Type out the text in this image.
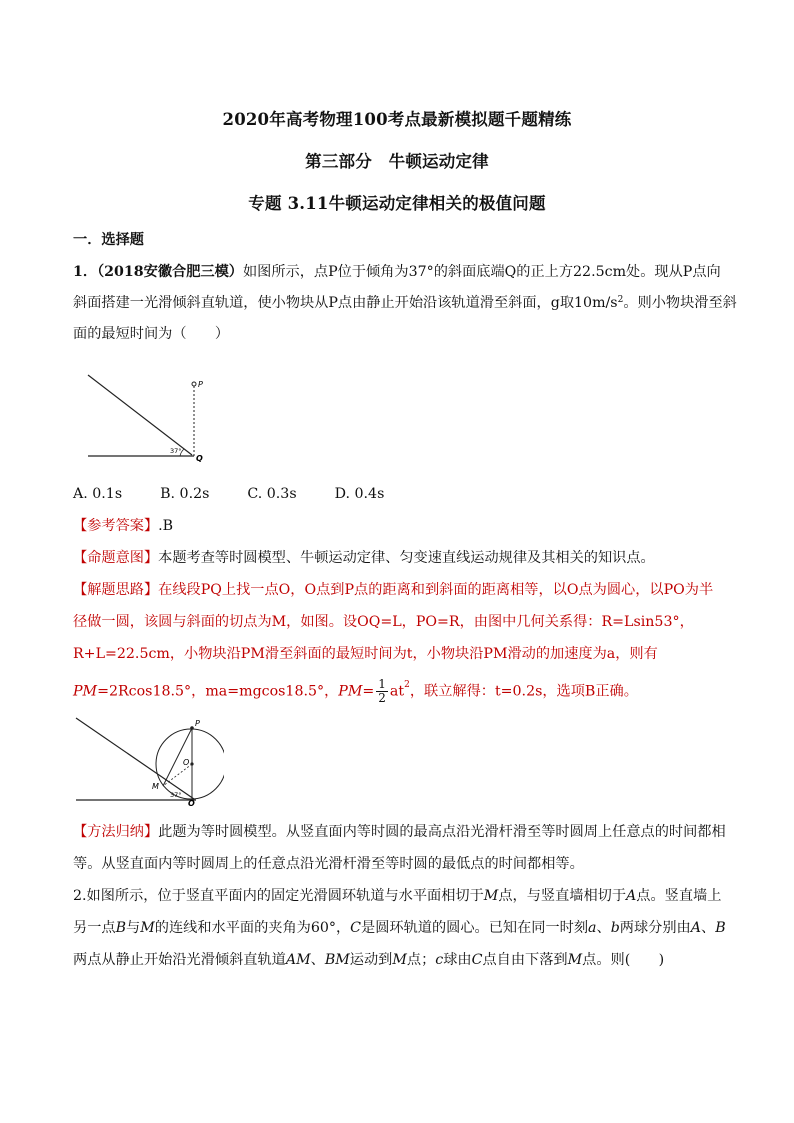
2020年高考物理100考点最新模拟题千题精练
第三部分　牛顿运动定律
专题 3.11牛顿运动定律相关的极值问题
一．选择题
1．（2018安徽合肥三模）如图所示，点P位于倾角为37°的斜面底端Q的正上方22.5cm处。现从P点向
斜面搭建一光滑倾斜直轨道，使小物块从P点由静止开始沿该轨道滑至斜面，g取$10m/s^2$。则小物块滑至斜
面的最短时间为（　　）
P
Q
37°
A. 0.1s	B. 0.2s	C. 0.3s	D. 0.4s
【参考答案】.B
【命题意图】本题考查等时圆模型、牛顿运动定律、匀变速直线运动规律及其相关的知识点。
【解题思路】在线段PQ上找一点O，O点到P点的距离和到斜面的距离相等，以O点为圆心，以PO为半
径做一圆，该圆与斜面的切点为M，如图。设OQ=L，PO=R，由图中几何关系得：R=Lsin53°，
R+L=22.5cm，小物块沿PM滑至斜面的最短时间为t，小物块沿PM滑动的加速度为a，则有
PM=2Rcos18.5°，ma=mgcos18.5°，$PM= \frac{1}{2} at^2$，联立解得：t=0.2s，选项B正确。
P
O
M
Q
37°
【方法归纳】此题为等时圆模型。从竖直面内等时圆的最高点沿光滑杆滑至等时圆周上任意点的时间都相
等。从竖直面内等时圆周上的任意点沿光滑杆滑至等时圆的最低点的时间都相等。
2.如图所示，位于竖直平面内的固定光滑圆环轨道与水平面相切于M点，与竖直墙相切于A点。竖直墙上
另一点B与M的连线和水平面的夹角为60°，C是圆环轨道的圆心。已知在同一时刻a、b两球分别由A、B
两点从静止开始沿光滑倾斜直轨道AM、BM运动到M点；c球由C点自由下落到M点。则(　　)
